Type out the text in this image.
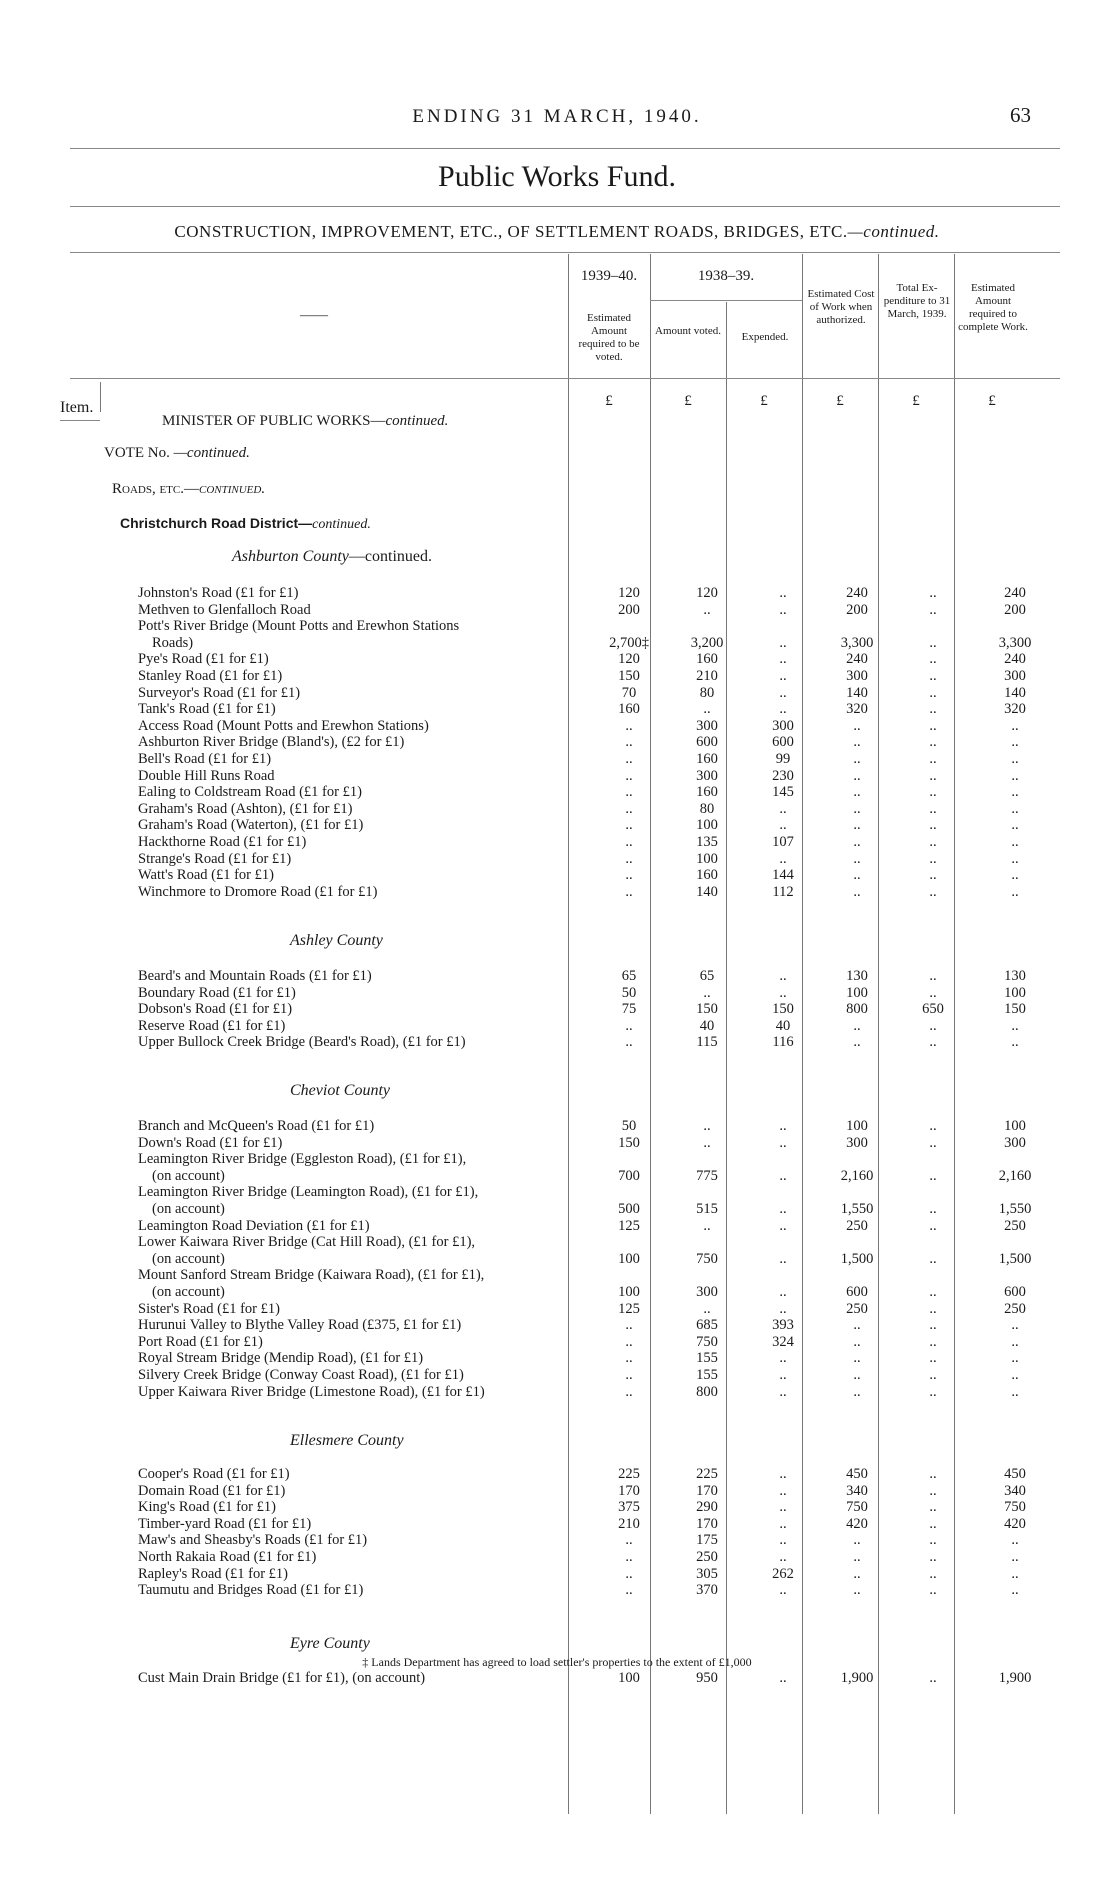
ENDING 31 MARCH, 1940.	63
Public Works Fund.
CONSTRUCTION, IMPROVEMENT, ETC., OF SETTLEMENT ROADS, BRIDGES, ETC.—continued.
——
1939–40.	1938–39.
Estimated Amount required to be voted.
Amount voted.	Expended.
Estimated Cost of Work when authorized.
Total Ex-penditure to 31 March, 1939.
Estimated Amount required to complete Work.
£	£	£	£	£	£
Item.
MINISTER OF PUBLIC WORKS—continued.
VOTE No. —continued.
Roads, etc.—continued.
Christchurch Road District—continued.
Ashburton County—continued.
Johnston's Road (£1 for £1)	120	120	..	240	..	240
Methven to Glenfalloch Road	200	..	..	200	..	200
Pott's River Bridge (Mount Potts and Erewhon Stations
Roads)	2,700‡	3,200	..	3,300	..	3,300
Pye's Road (£1 for £1)	120	160	..	240	..	240
Stanley Road (£1 for £1)	150	210	..	300	..	300
Surveyor's Road (£1 for £1)	70	80	..	140	..	140
Tank's Road (£1 for £1)	160	..	..	320	..	320
Access Road (Mount Potts and Erewhon Stations)	..	300	300	..	..	..
Ashburton River Bridge (Bland's), (£2 for £1)	..	600	600	..	..	..
Bell's Road (£1 for £1)	..	160	99	..	..	..
Double Hill Runs Road	..	300	230	..	..	..
Ealing to Coldstream Road (£1 for £1)	..	160	145	..	..	..
Graham's Road (Ashton), (£1 for £1)	..	80	..	..	..	..
Graham's Road (Waterton), (£1 for £1)	..	100	..	..	..	..
Hackthorne Road (£1 for £1)	..	135	107	..	..	..
Strange's Road (£1 for £1)	..	100	..	..	..	..
Watt's Road (£1 for £1)	..	160	144	..	..	..
Winchmore to Dromore Road (£1 for £1)	..	140	112	..	..	..
Ashley County
Beard's and Mountain Roads (£1 for £1)	65	65	..	130	..	130
Boundary Road (£1 for £1)	50	..	..	100	..	100
Dobson's Road (£1 for £1)	75	150	150	800	650	150
Reserve Road (£1 for £1)	..	40	40	..	..	..
Upper Bullock Creek Bridge (Beard's Road), (£1 for £1)	..	115	116	..	..	..
Cheviot County
Branch and McQueen's Road (£1 for £1)	50	..	..	100	..	100
Down's Road (£1 for £1)	150	..	..	300	..	300
Leamington River Bridge (Eggleston Road), (£1 for £1),
(on account)	700	775	..	2,160	..	2,160
Leamington River Bridge (Leamington Road), (£1 for £1),
(on account)	500	515	..	1,550	..	1,550
Leamington Road Deviation (£1 for £1)	125	..	..	250	..	250
Lower Kaiwara River Bridge (Cat Hill Road), (£1 for £1),
(on account)	100	750	..	1,500	..	1,500
Mount Sanford Stream Bridge (Kaiwara Road), (£1 for £1),
(on account)	100	300	..	600	..	600
Sister's Road (£1 for £1)	125	..	..	250	..	250
Hurunui Valley to Blythe Valley Road (£375, £1 for £1)	..	685	393	..	..	..
Port Road (£1 for £1)	..	750	324	..	..	..
Royal Stream Bridge (Mendip Road), (£1 for £1)	..	155	..	..	..	..
Silvery Creek Bridge (Conway Coast Road), (£1 for £1)	..	155	..	..	..	..
Upper Kaiwara River Bridge (Limestone Road), (£1 for £1)	..	800	..	..	..	..
Ellesmere County
Cooper's Road (£1 for £1)	225	225	..	450	..	450
Domain Road (£1 for £1)	170	170	..	340	..	340
King's Road (£1 for £1)	375	290	..	750	..	750
Timber-yard Road (£1 for £1)	210	170	..	420	..	420
Maw's and Sheasby's Roads (£1 for £1)	..	175	..	..	..	..
North Rakaia Road (£1 for £1)	..	250	..	..	..	..
Rapley's Road (£1 for £1)	..	305	262	..	..	..
Taumutu and Bridges Road (£1 for £1)	..	370	..	..	..	..
Eyre County
Cust Main Drain Bridge (£1 for £1), (on account)	100	950	..	1,900	..	1,900
‡ Lands Department has agreed to load settler's properties to the extent of £1,000
